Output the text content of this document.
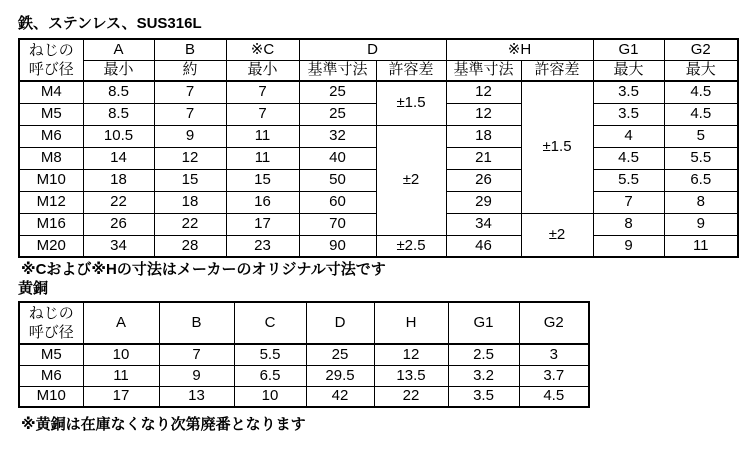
鉄、ステンレス、SUS316L
ねじの
呼び径	A	B	※C	D		※H		G1	G2
	最小	約	最小	基準寸法	許容差	基準寸法	許容差	最大	最大
M4	8.5	7	7	25	±1.5	12	±1.5	3.5	4.5
M5	8.5	7	7	25		12		3.5	4.5
M6	10.5	9	11	32	±2	18		4	5
M8	14	12	11	40		21		4.5	5.5
M10	18	15	15	50		26		5.5	6.5
M12	22	18	16	60		29		7	8
M16	26	22	17	70		34	±2	8	9
M20	34	28	23	90	±2.5	46		9	11
※Cおよび※Hの寸法はメーカーのオリジナル寸法です
黄銅
ねじの
呼び径	A	B	C	D	H	G1	G2
M5	10	7	5.5	25	12	2.5	3
M6	11	9	6.5	29.5	13.5	3.2	3.7
M10	17	13	10	42	22	3.5	4.5
※黄銅は在庫なくなり次第廃番となります
